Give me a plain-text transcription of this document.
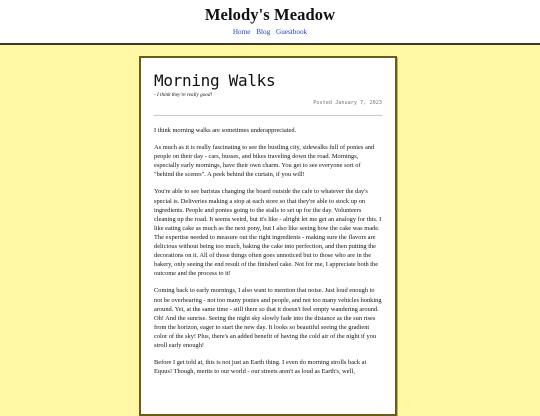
Melody's Meadow
Home Blog Guestbook
Morning Walks
- I think they're really good!
Posted January 7, 2023

I think morning walks are sometimes underappreciated.

As much as it is really fascinating to see the bustling city, sidewalks full of ponies and people on their day - cars, busses, and bikes traveling down the road. Mornings, especially early mornings, have their own charm. You get to see everyone sort of "behind the scenes". A peek behind the curtain, if you will!

You're able to see baristas changing the board outside the cafe to whatever the day's special is. Deliveries making a stop at each store so that they're able to stock up on ingredients. People and ponies going to the stalls to set up for the day. Volunteers cleaning up the road. It seems weird, but it's like - alright let me get an analogy for this. I like eating cake as much as the next pony, but I also like seeing how the cake was made. The expertise needed to measure out the right ingredients - making sure the flavors are delicious without being too much, baking the cake into perfection, and then putting the decorations on it. All of those things often goes unnoticed but to those who are in the bakery, only seeing the end result of the finished cake. Not for me, I appreciate both the outcome and the process to it!

Coming back to early mornings, I also want to mention that noise. Just loud enough to not be overbearing - not too many ponies and people, and not too many vehicles honking around. Yet, at the same time - still there so that it doesn't feel empty wandering around. Oh! And the sunrise. Seeing the night sky slowly fade into the distance as the sun rises from the horizon, eager to start the new day. It looks so beautiful seeing the gradient color of the sky! Plus, there's an added benefit of having the cold air of the night if you stroll early enough!

Before I get told at, this is not just an Earth thing. I even do morning strolls back at Equus! Though, merits to our world - our streets aren't as loud as Earth's, well,
